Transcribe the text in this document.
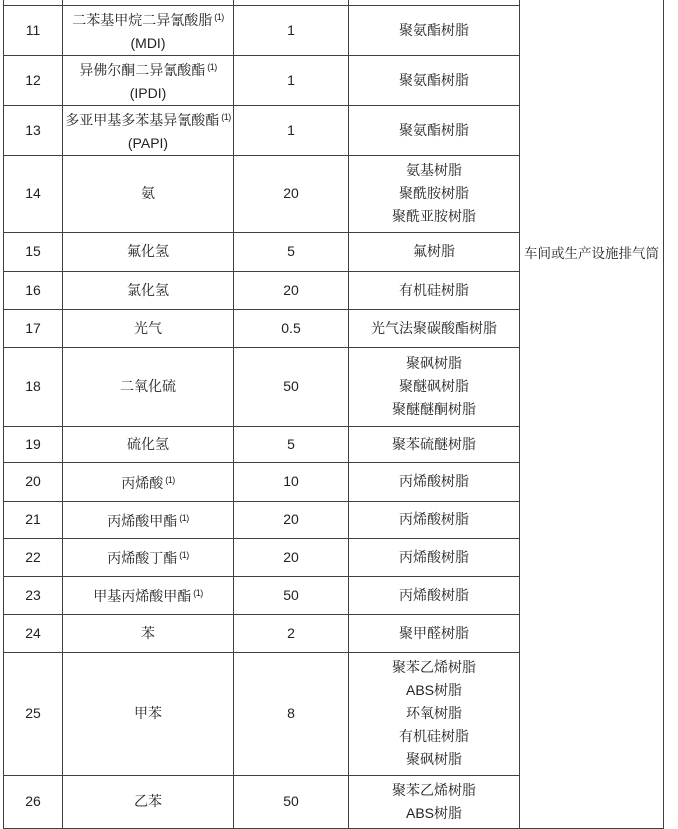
				车间或生产设施排气筒

11	二苯基甲烷二异氰酸脂 $^{(1)}$
(MDI)	1	聚氨酯树脂	

12	异佛尔酮二异氰酸酯 $^{(1)}$
(IPDI)	1	聚氨酯树脂	

13	多亚甲基多苯基异氰酸酯 $^{(1)}$
(PAPI)	1	聚氨酯树脂	

14	氨	20	氨基树脂
聚酰胺树脂
聚酰亚胺树脂	

15	氟化氢	5	氟树脂	

16	氯化氢	20	有机硅树脂	

17	光气	0.5	光气法聚碳酸酯树脂	

18	二氧化硫	50	聚砜树脂
聚醚砜树脂
聚醚醚酮树脂	

19	硫化氢	5	聚苯硫醚树脂	

20	丙烯酸 $^{(1)}$	10	丙烯酸树脂	

21	丙烯酸甲酯 $^{(1)}$	20	丙烯酸树脂	

22	丙烯酸丁酯 $^{(1)}$	20	丙烯酸树脂	

23	甲基丙烯酸甲酯 $^{(1)}$	50	丙烯酸树脂	

24	苯	2	聚甲醛树脂	

25	甲苯	8	聚苯乙烯树脂
ABS树脂
环氧树脂
有机硅树脂
聚砜树脂	

26	乙苯	50	聚苯乙烯树脂
ABS树脂	
